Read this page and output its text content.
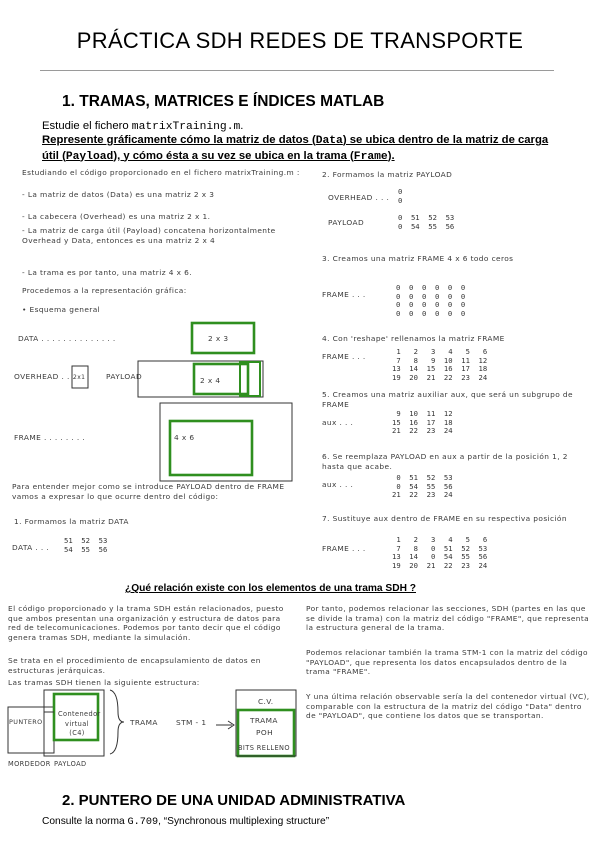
PRÁCTICA SDH REDES DE TRANSPORTE
1. TRAMAS, MATRICES E ÍNDICES MATLAB
Estudie el fichero matrixTraining.m.
Represente gráficamente cómo la matriz de datos (Data) se ubica dentro de la matriz de carga útil (Payload), y cómo ésta a su vez se ubica en la trama (Frame).
Estudiando el código proporcionado en el fichero matrixTraining.m :
- La matriz de datos (Data) es una matriz 2 x 3
- La cabecera (Overhead) es una matriz 2 x 1.
- La matriz de carga útil (Payload) concatena horizontalmente Overhead y Data, entonces es una matriz 2 x 4
- La trama es por tanto, una matriz 4 x 6.
Procedemos a la representación gráfica:
• Esquema general
DATA . . . . . . . . . . . . . .	2 x 3
OVERHEAD . . .
2x1	PAYLOAD	2 x 4
FRAME . . . . . . . .	4 x 6
Para entender mejor como se introduce PAYLOAD dentro de FRAME vamos a expresar lo que ocurre dentro del código:
1. Formamos la matriz DATA
DATA . . .
51  52  53
54  55  56
2. Formamos la matriz PAYLOAD
OVERHEAD . . .
0
0
PAYLOAD
0  51  52  53
0  54  55  56
3. Creamos una matriz FRAME 4 x 6 todo ceros
FRAME . . .
0  0  0  0  0  0
0  0  0  0  0  0
0  0  0  0  0  0
0  0  0  0  0  0
4. Con 'reshape' rellenamos la matriz FRAME
FRAME . . .
1   2   3   4   5   6
7   8   9  10  11  12
13  14  15  16  17  18
19  20  21  22  23  24
5. Creamos una matriz auxiliar aux, que será un subgrupo de FRAME
aux . . .
9  10  11  12
15  16  17  18
21  22  23  24
6. Se reemplaza PAYLOAD en aux a partir de la posición 1, 2 hasta que acabe.
aux . . .
0  51  52  53
0  54  55  56
21  22  23  24
7. Sustituye aux dentro de FRAME en su respectiva posición
FRAME . . .
1   2   3   4   5   6
7   8   0  51  52  53
13  14   0  54  55  56
19  20  21  22  23  24
¿Qué relación existe con los elementos de una trama SDH ?
El código proporcionado y la trama SDH están relacionados, puesto que ambos presentan una organización y estructura de datos para red de telecomunicaciones. Podemos por tanto decir que el código genera tramas SDH, mediante la simulación.
Se trata en el procedimiento de encapsulamiento de datos en estructuras jerárquicas.
Las tramas SDH tienen la siguiente estructura:
Por tanto, podemos relacionar las secciones, SDH (partes en las que se divide la trama) con la matriz del código "FRAME", que representa la estructura general de la trama.
Podemos relacionar también la trama STM-1 con la matriz del código "PAYLOAD", que representa los datos encapsulados dentro de la trama "FRAME".
Y una última relación observable sería la del contenedor virtual (VC), comparable con la estructura de la matriz del código "Data" dentro de "PAYLOAD", que contiene los datos que se transportan.
PUNTERO
Contenedor virtual (C4)
TRAMA STM - 1
C.V.
TRAMA
POH
BITS RELLENO
MORDEDOR PAYLOAD
2. PUNTERO DE UNA UNIDAD ADMINISTRATIVA
Consulte la norma G.709, “Synchronous multiplexing structure”
